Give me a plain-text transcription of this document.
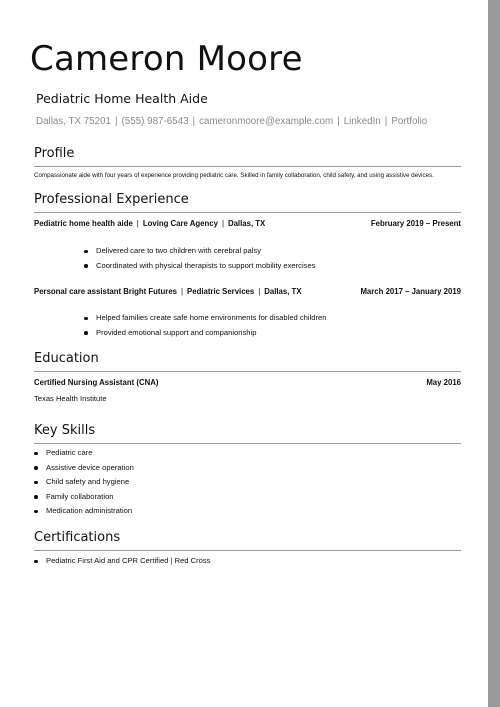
Cameron Moore
Pediatric Home Health Aide
Dallas, TX 75201 | (555) 987-6543 | cameronmoore@example.com | LinkedIn | Portfolio
Profile
Compassionate aide with four years of experience providing pediatric care. Skilled in family collaboration, child safety, and using assistive devices.
Professional Experience
Pediatric home health aide | Loving Care Agency | Dallas, TX	February 2019 – Present
Delivered care to two children with cerebral palsy
Coordinated with physical therapists to support mobility exercises
Personal care assistant Bright Futures | Pediatric Services | Dallas, TX	March 2017 – January 2019
Helped families create safe home environments for disabled children
Provided emotional support and companionship
Education
Certified Nursing Assistant (CNA)	May 2016
Texas Health Institute
Key Skills
Pediatric care
Assistive device operation
Child safety and hygiene
Family collaboration
Medication administration
Certifications
Pediatric First Aid and CPR Certified | Red Cross
